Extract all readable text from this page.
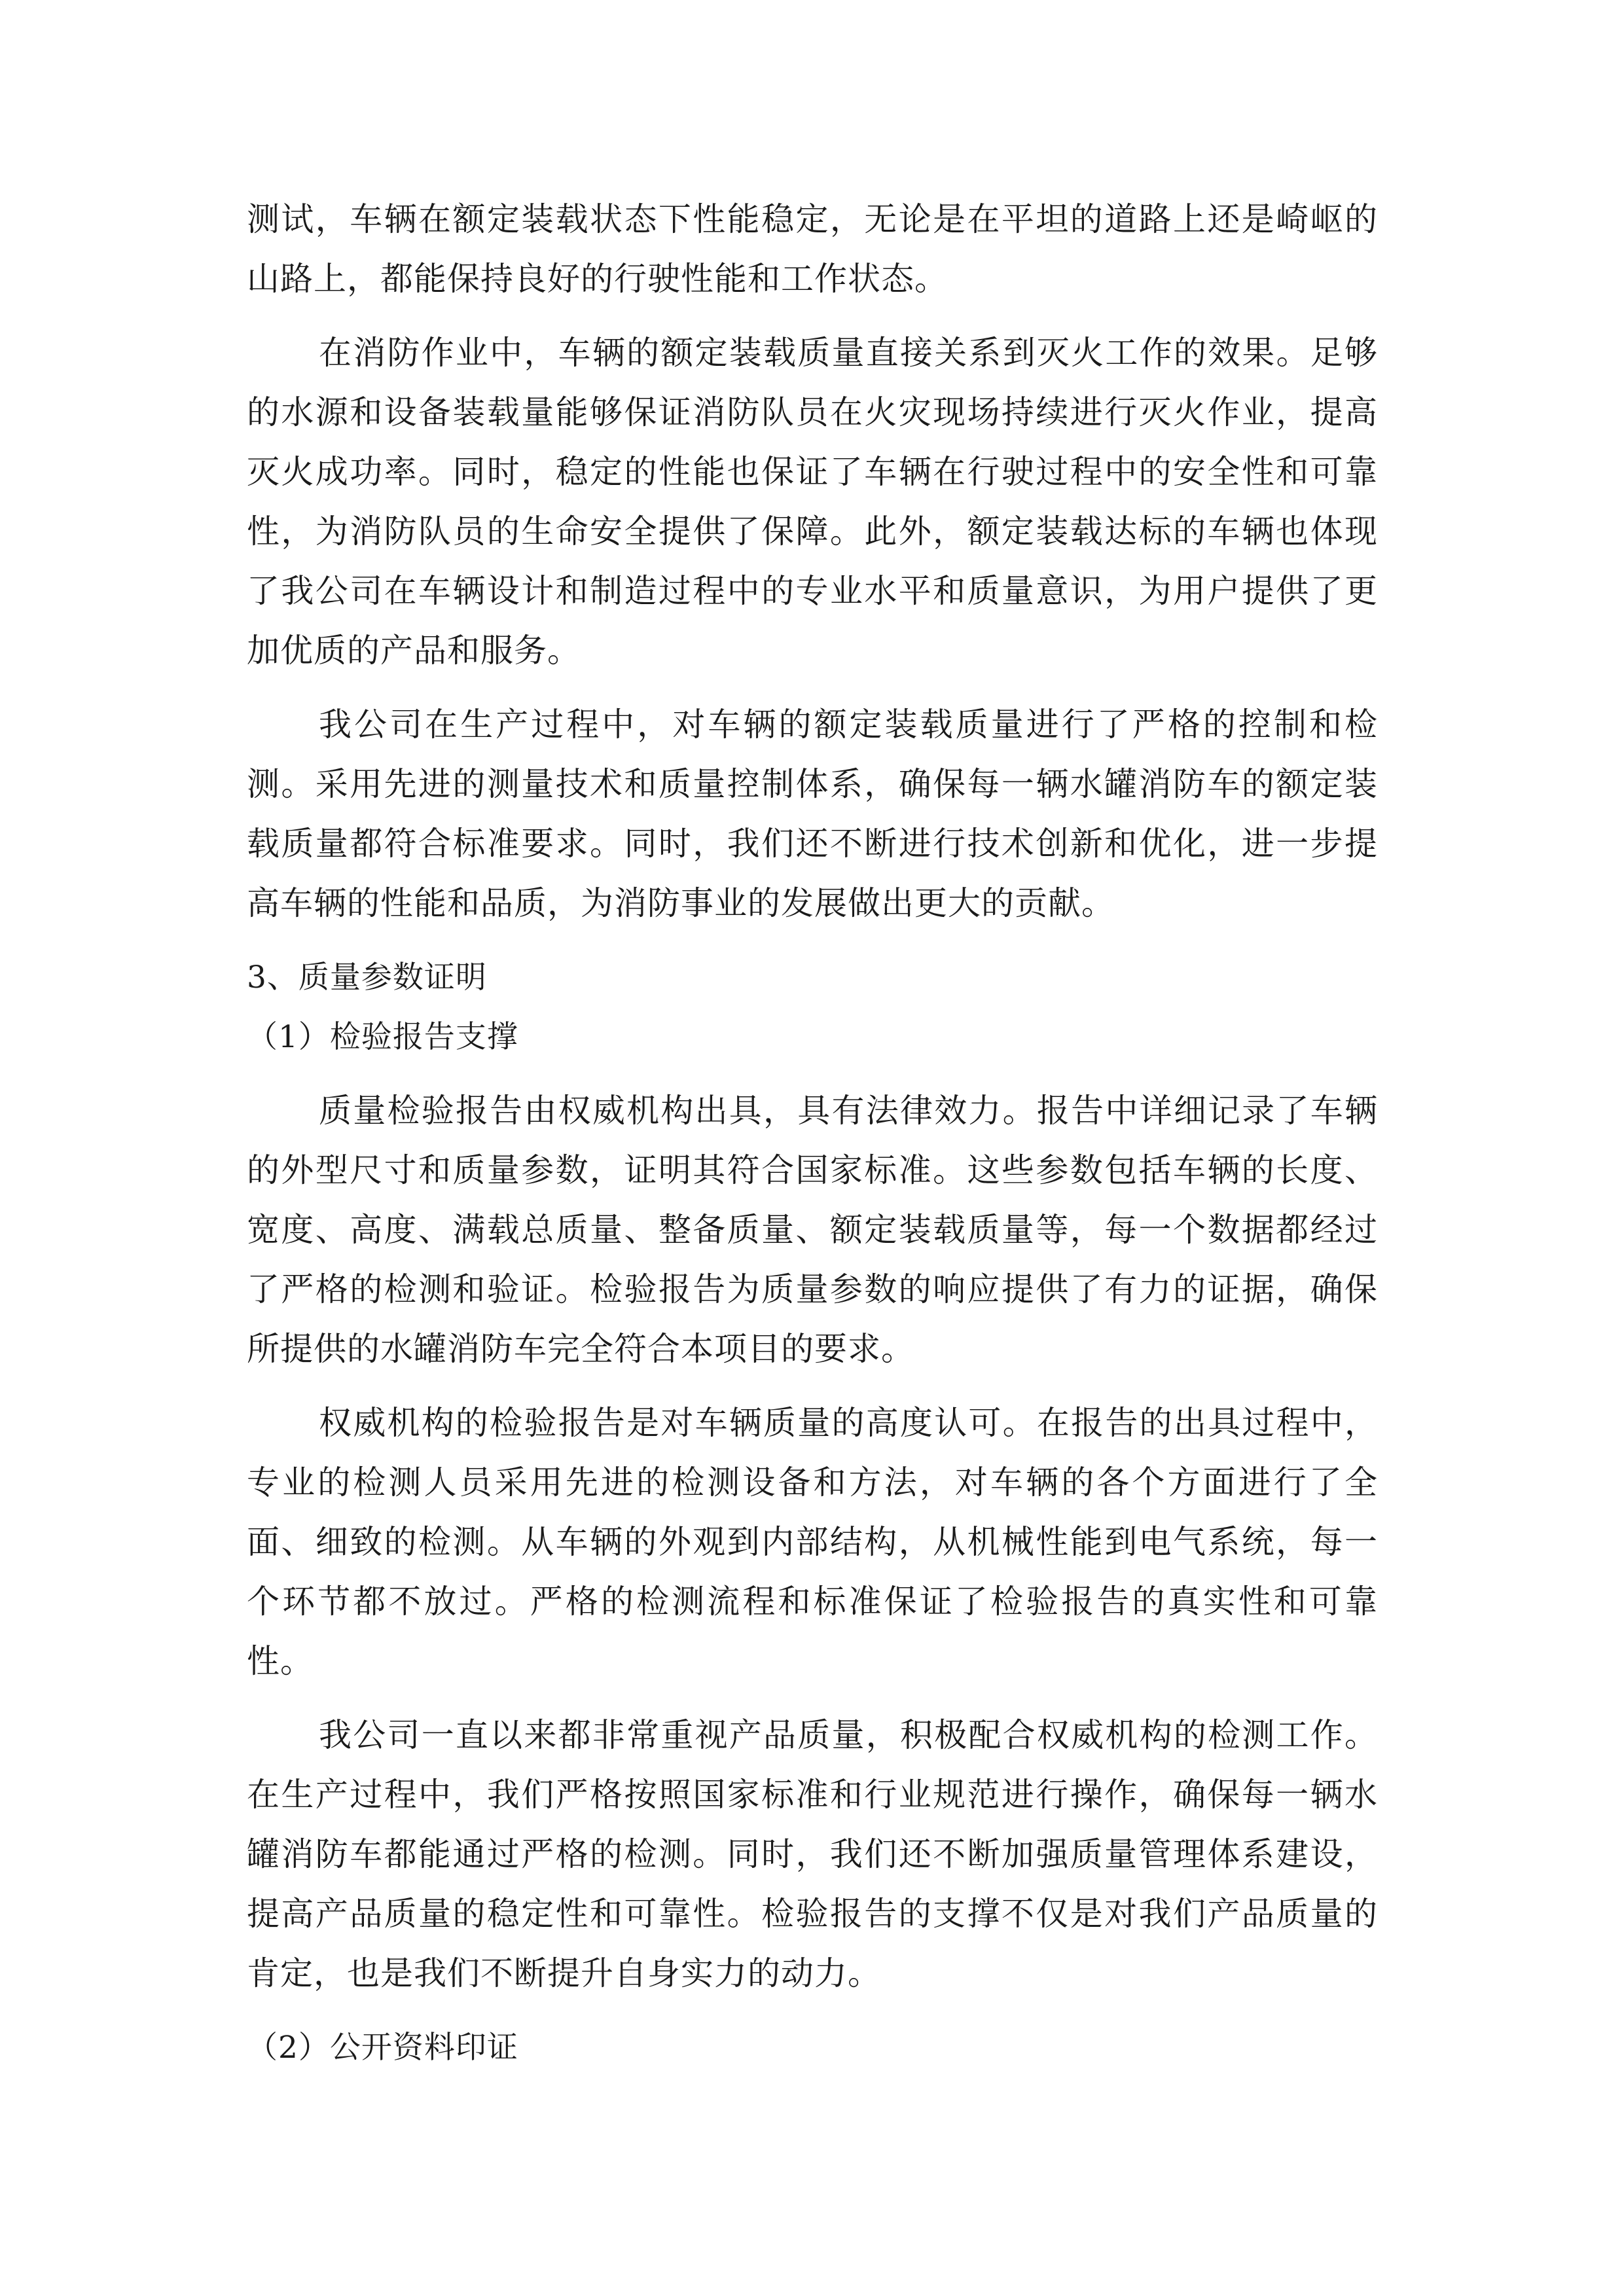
测试，车辆在额定装载状态下性能稳定，无论是在平坦的道路上还是崎岖的山路上，都能保持良好的行驶性能和工作状态。

在消防作业中，车辆的额定装载质量直接关系到灭火工作的效果。足够的水源和设备装载量能够保证消防队员在火灾现场持续进行灭火作业，提高灭火成功率。同时，稳定的性能也保证了车辆在行驶过程中的安全性和可靠性，为消防队员的生命安全提供了保障。此外，额定装载达标的车辆也体现了我公司在车辆设计和制造过程中的专业水平和质量意识，为用户提供了更加优质的产品和服务。

我公司在生产过程中，对车辆的额定装载质量进行了严格的控制和检测。采用先进的测量技术和质量控制体系，确保每一辆水罐消防车的额定装载质量都符合标准要求。同时，我们还不断进行技术创新和优化，进一步提高车辆的性能和品质，为消防事业的发展做出更大的贡献。

3、质量参数证明
（1）检验报告支撑

质量检验报告由权威机构出具，具有法律效力。报告中详细记录了车辆的外型尺寸和质量参数，证明其符合国家标准。这些参数包括车辆的长度、宽度、高度、满载总质量、整备质量、额定装载质量等，每一个数据都经过了严格的检测和验证。检验报告为质量参数的响应提供了有力的证据，确保所提供的水罐消防车完全符合本项目的要求。

权威机构的检验报告是对车辆质量的高度认可。在报告的出具过程中，专业的检测人员采用先进的检测设备和方法，对车辆的各个方面进行了全面、细致的检测。从车辆的外观到内部结构，从机械性能到电气系统，每一个环节都不放过。严格的检测流程和标准保证了检验报告的真实性和可靠性。

我公司一直以来都非常重视产品质量，积极配合权威机构的检测工作。在生产过程中，我们严格按照国家标准和行业规范进行操作，确保每一辆水罐消防车都能通过严格的检测。同时，我们还不断加强质量管理体系建设，提高产品质量的稳定性和可靠性。检验报告的支撑不仅是对我们产品质量的肯定，也是我们不断提升自身实力的动力。

（2）公开资料印证
